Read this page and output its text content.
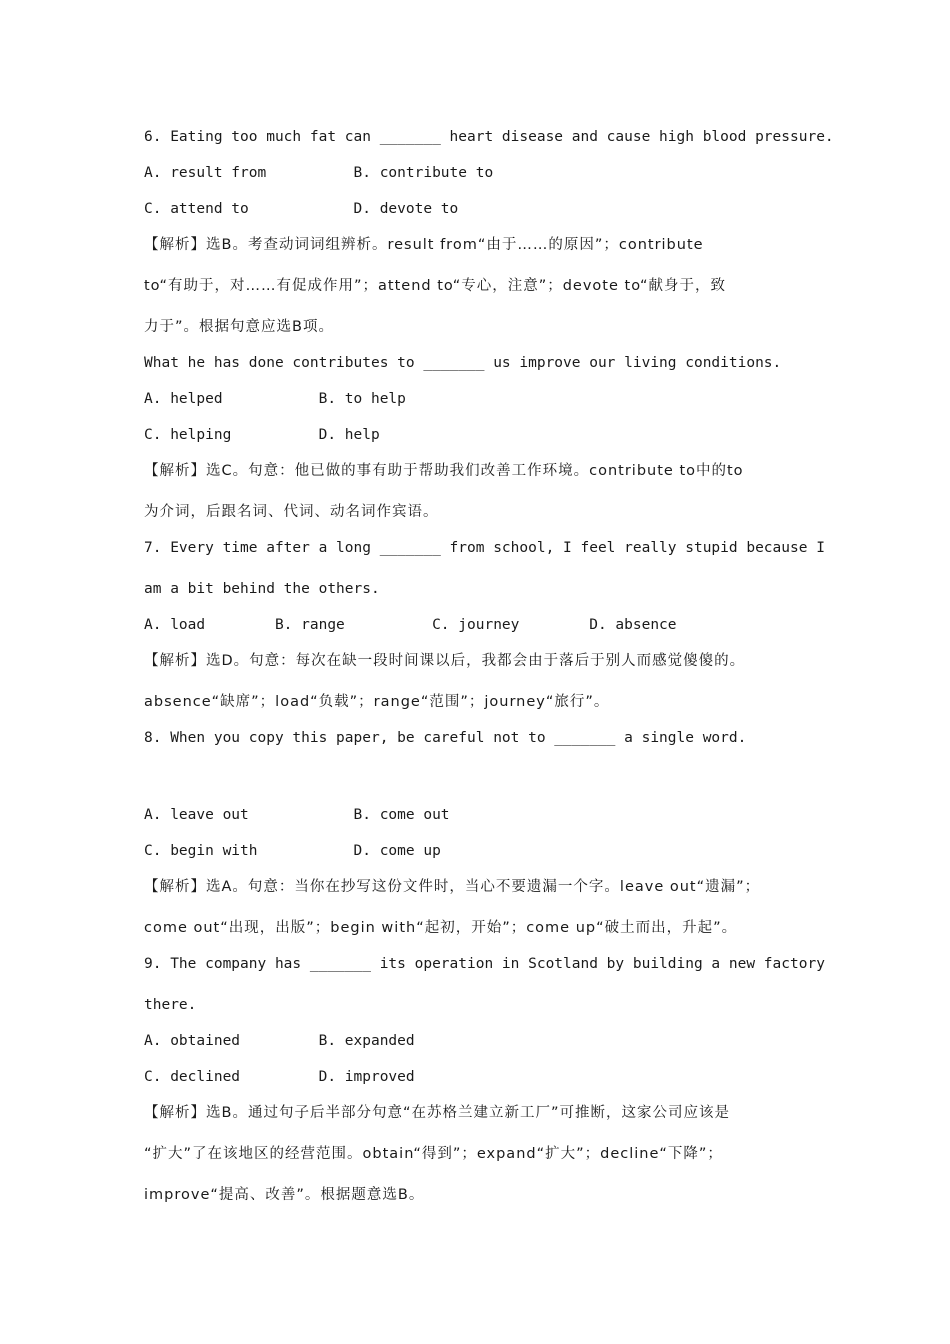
6. Eating too much fat can _______ heart disease and cause high blood pressure.
A. result from          B. contribute to
C. attend to            D. devote to
【解析】选B。考查动词词组辨析。result from“由于……的原因”；contribute
to“有助于，对……有促成作用”；attend to“专心，注意”；devote to“献身于，致
力于”。根据句意应选B项。
What he has done contributes to _______ us improve our living conditions.
A. helped           B. to help
C. helping          D. help
【解析】选C。句意：他已做的事有助于帮助我们改善工作环境。contribute to中的to
为介词，后跟名词、代词、动名词作宾语。
7. Every time after a long _______ from school, I feel really stupid because I
am a bit behind the others.
A. load        B. range          C. journey        D. absence
【解析】选D。句意：每次在缺一段时间课以后，我都会由于落后于别人而感觉傻傻的。
absence“缺席”；load“负载”；range“范围”；journey“旅行”。
8. When you copy this paper, be careful not to _______ a single word.
A. leave out            B. come out
C. begin with           D. come up
【解析】选A。句意：当你在抄写这份文件时，当心不要遗漏一个字。leave out“遗漏”；
come out“出现，出版”；begin with“起初，开始”；come up“破土而出，升起”。
9. The company has _______ its operation in Scotland by building a new factory
there.
A. obtained         B. expanded
C. declined         D. improved
【解析】选B。通过句子后半部分句意“在苏格兰建立新工厂”可推断，这家公司应该是
“扩大”了在该地区的经营范围。obtain“得到”；expand“扩大”；decline“下降”；
improve“提高、改善”。根据题意选B。
